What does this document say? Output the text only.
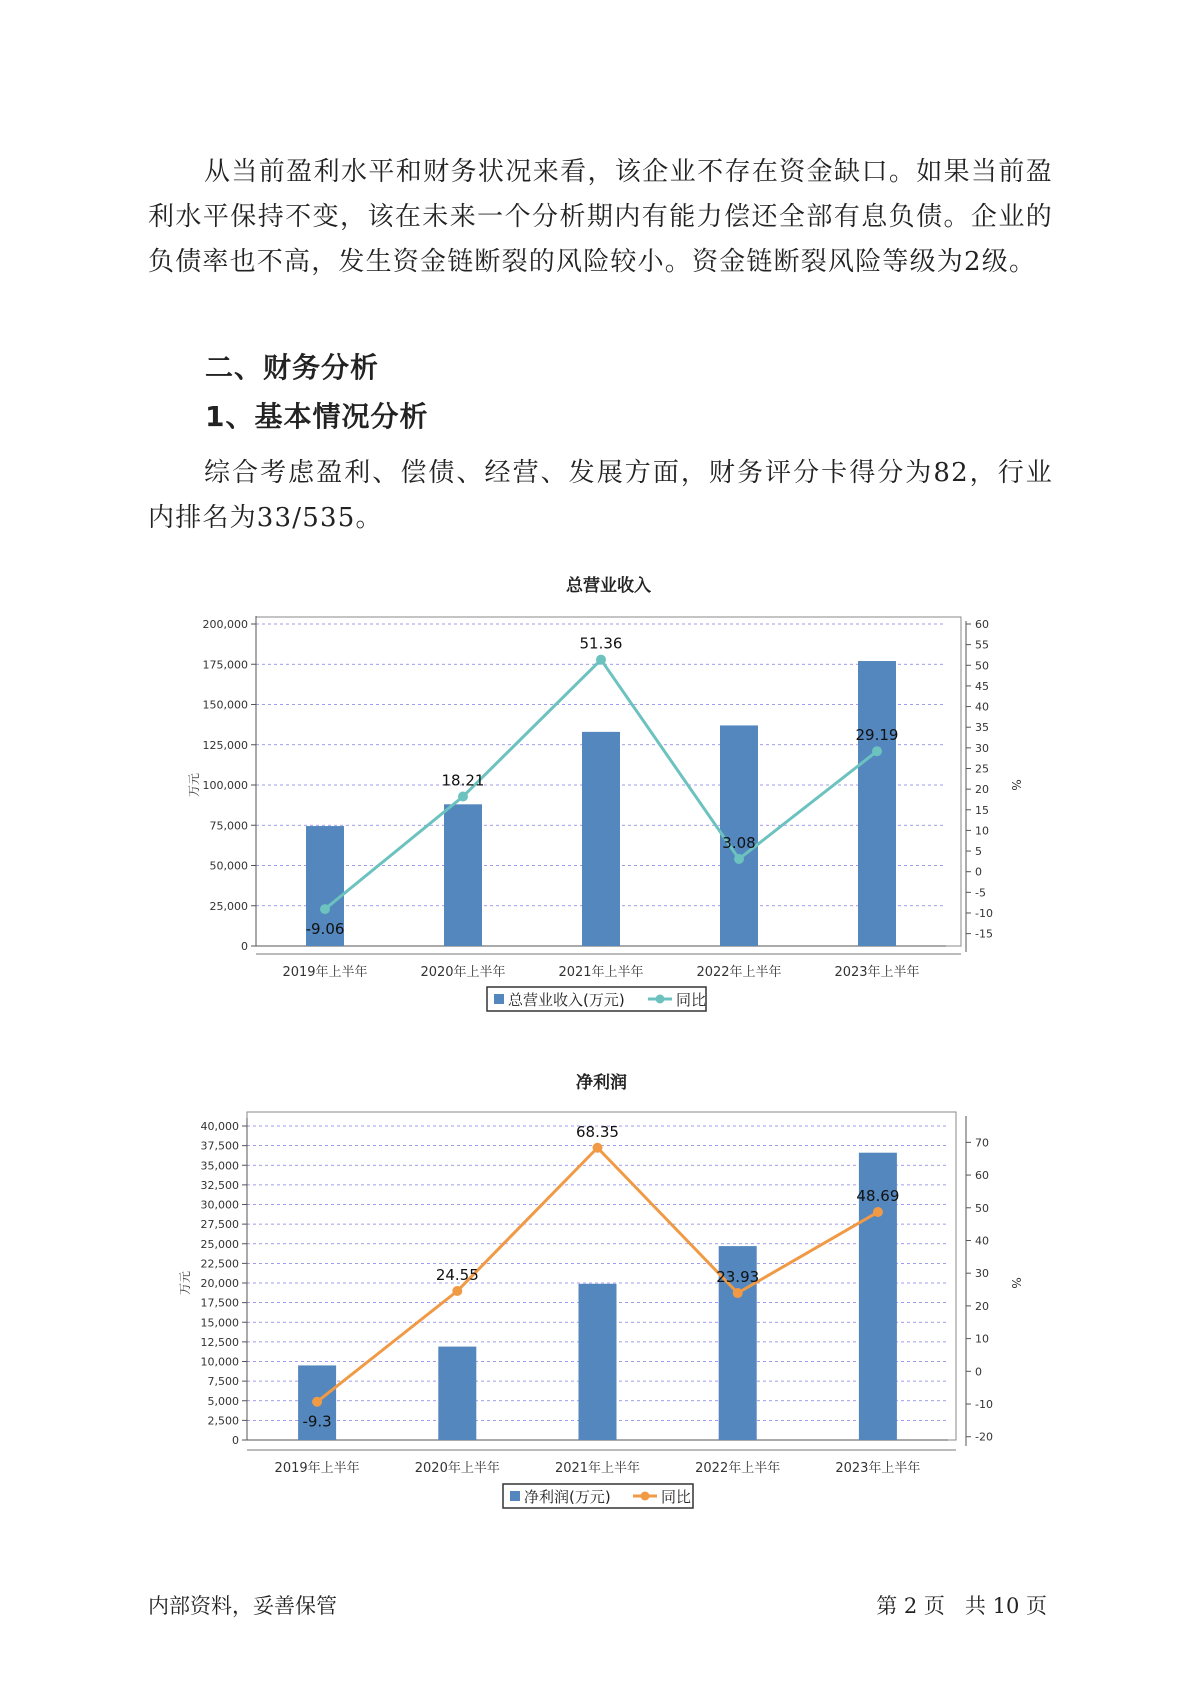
从当前盈利水平和财务状况来看，该企业不存在资金缺口。如果当前盈利水平保持不变，该在未来一个分析期内有能力偿还全部有息负债。企业的负债率也不高，发生资金链断裂的风险较小。资金链断裂风险等级为2级。

二、财务分析
1、基本情况分析

综合考虑盈利、偿债、经营、发展方面，财务评分卡得分为82，行业内排名为33/535。

总营业收入
0
25,000
50,000
75,000
100,000
125,000
150,000
175,000
200,000
万元
-15
-10
-5
0
5
10
15
20
25
30
35
40
45
50
55
60
%
2019年上半年	2020年上半年	2021年上半年	2022年上半年	2023年上半年
-9.06
18.21
51.36
3.08
29.19
总营业收入(万元)	同比
净利润
0
2,500
5,000
7,500
10,000
12,500
15,000
17,500
20,000
22,500
25,000
27,500
30,000
32,500
35,000
37,500
40,000
万元
-20
-10
0
10
20
30
40
50
60
70
%
2019年上半年	2020年上半年	2021年上半年	2022年上半年	2023年上半年
-9.3
24.55
68.35
23.93
48.69
净利润(万元)	同比
内部资料，妥善保管	第 2 页   共 10 页
